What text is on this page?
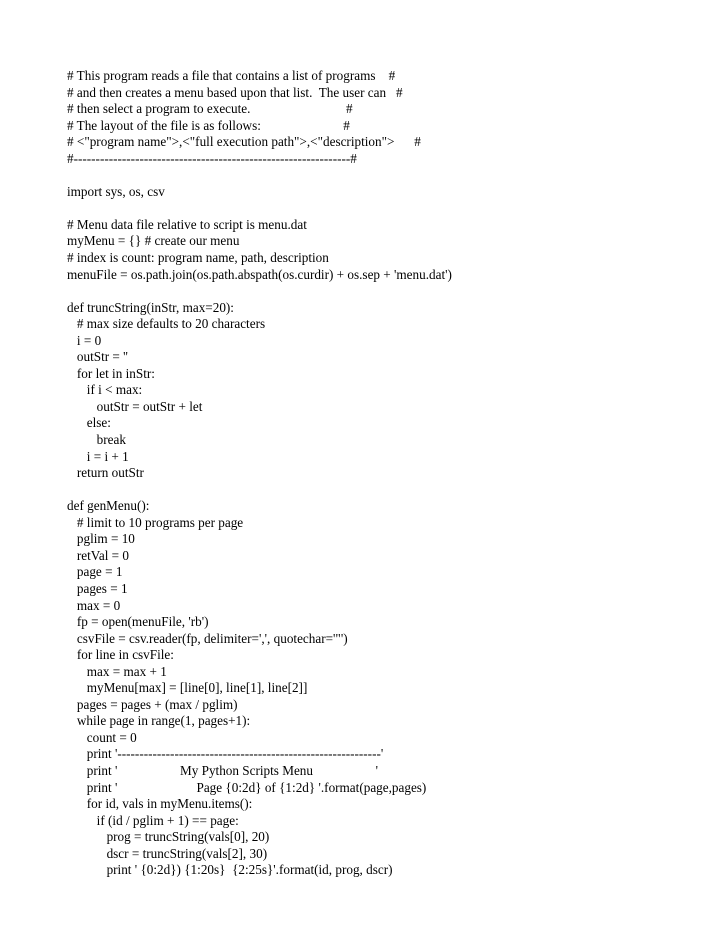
# This program reads a file that contains a list of programs    #
# and then creates a menu based upon that list.  The user can   #
# then select a program to execute.                             #
# The layout of the file is as follows:                         #
# <"program name">,<"full execution path">,<"description">      #
#---------------------------------------------------------------#
import sys, os, csv
# Menu data file relative to script is menu.dat
myMenu = {} # create our menu
# index is count: program name, path, description
menuFile = os.path.join(os.path.abspath(os.curdir) + os.sep + 'menu.dat')
def truncString(inStr, max=20):
# max size defaults to 20 characters
i = 0
outStr = ''
for let in inStr:
if i < max:
outStr = outStr + let
else:
break
i = i + 1
return outStr
def genMenu():
# limit to 10 programs per page
pglim = 10
retVal = 0
page = 1
pages = 1
max = 0
fp = open(menuFile, 'rb')
csvFile = csv.reader(fp, delimiter=',', quotechar='"')
for line in csvFile:
max = max + 1
myMenu[max] = [line[0], line[1], line[2]]
pages = pages + (max / pglim)
while page in range(1, pages+1):
count = 0
print '------------------------------------------------------------'
print '                   My Python Scripts Menu                   '
print '                        Page {0:2d} of {1:2d} '.format(page,pages)
for id, vals in myMenu.items():
if (id / pglim + 1) == page:
prog = truncString(vals[0], 20)
dscr = truncString(vals[2], 30)
print ' {0:2d}) {1:20s}  {2:25s}'.format(id, prog, dscr)
